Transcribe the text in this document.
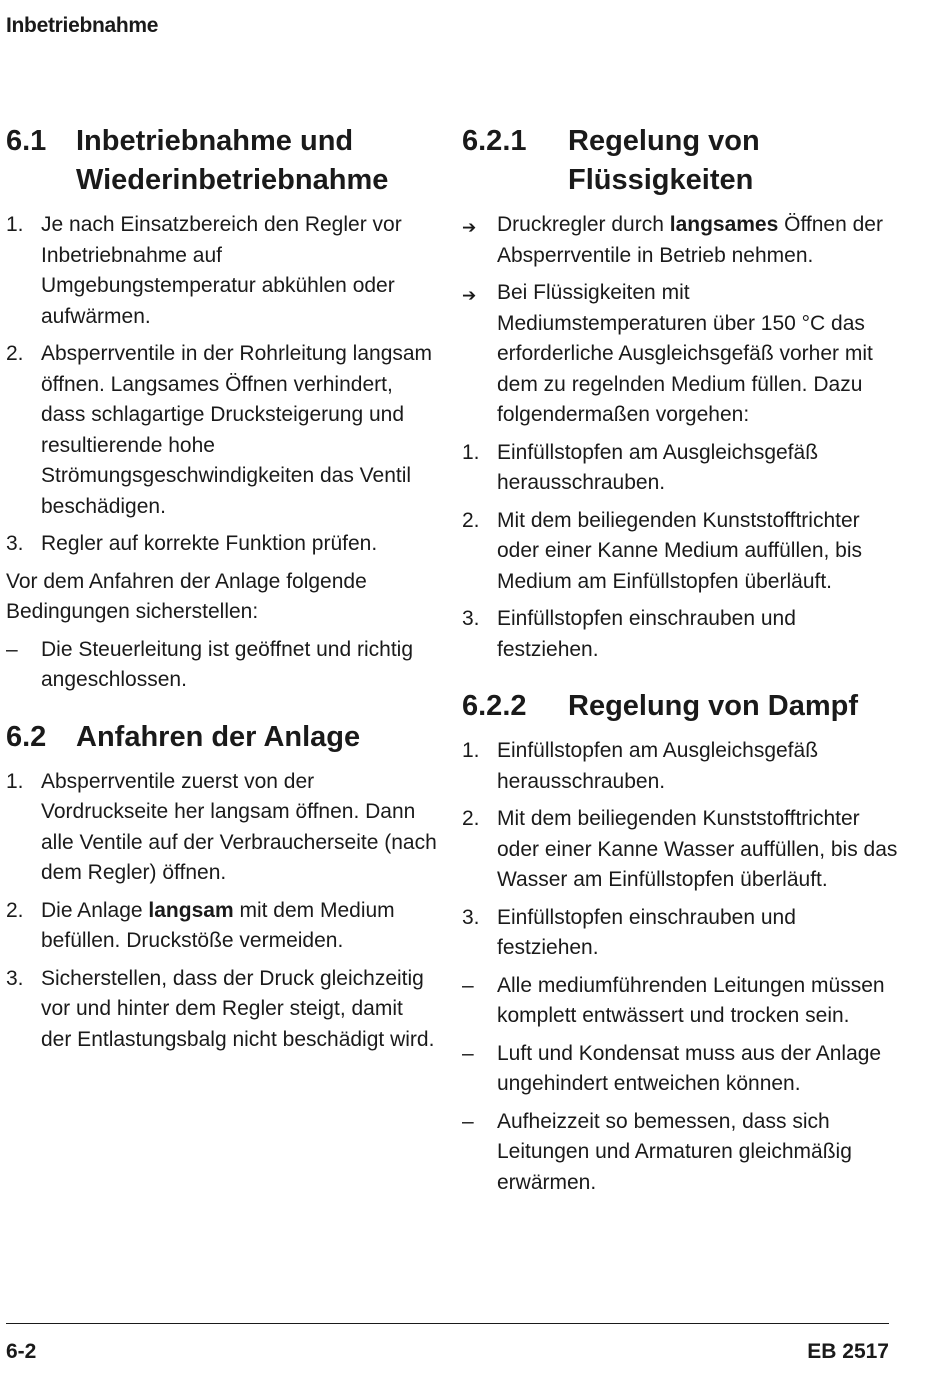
Inbetriebnahme
6.1	Inbetriebnahme und Wiederinbetriebnahme
1. Je nach Einsatzbereich den Regler vor Inbetriebnahme auf Umgebungstemperatur abkühlen oder aufwärmen.
2. Absperrventile in der Rohrleitung langsam öffnen. Langsames Öffnen verhindert, dass schlagartige Drucksteigerung und resultierende hohe Strömungsgeschwindigkeiten das Ventil beschädigen.
3. Regler auf korrekte Funktion prüfen.
Vor dem Anfahren der Anlage folgende Bedingungen sicherstellen:
–	Die Steuerleitung ist geöffnet und richtig angeschlossen.
6.2	Anfahren der Anlage
1. Absperrventile zuerst von der Vordruckseite her langsam öffnen. Dann alle Ventile auf der Verbraucherseite (nach dem Regler) öffnen.
2. Die Anlage langsam mit dem Medium befüllen. Druckstöße vermeiden.
3. Sicherstellen, dass der Druck gleichzeitig vor und hinter dem Regler steigt, damit der Entlastungsbalg nicht beschädigt wird.
6.2.1	Regelung von Flüssigkeiten
➔ Druckregler durch langsames Öffnen der Absperrventile in Betrieb nehmen.
➔ Bei Flüssigkeiten mit Mediumstemperaturen über 150 °C das erforderliche Ausgleichsgefäß vorher mit dem zu regelnden Medium füllen. Dazu folgendermaßen vorgehen:
1. Einfüllstopfen am Ausgleichsgefäß herausschrauben.
2. Mit dem beiliegenden Kunststofftrichter oder einer Kanne Medium auffüllen, bis Medium am Einfüllstopfen überläuft.
3. Einfüllstopfen einschrauben und festziehen.
6.2.2	Regelung von Dampf
1. Einfüllstopfen am Ausgleichsgefäß herausschrauben.
2. Mit dem beiliegenden Kunststofftrichter oder einer Kanne Wasser auffüllen, bis das Wasser am Einfüllstopfen überläuft.
3. Einfüllstopfen einschrauben und festziehen.
–	Alle mediumführenden Leitungen müssen komplett entwässert und trocken sein.
–	Luft und Kondensat muss aus der Anlage ungehindert entweichen können.
–	Aufheizzeit so bemessen, dass sich Leitungen und Armaturen gleichmäßig erwärmen.
6-2	EB 2517
